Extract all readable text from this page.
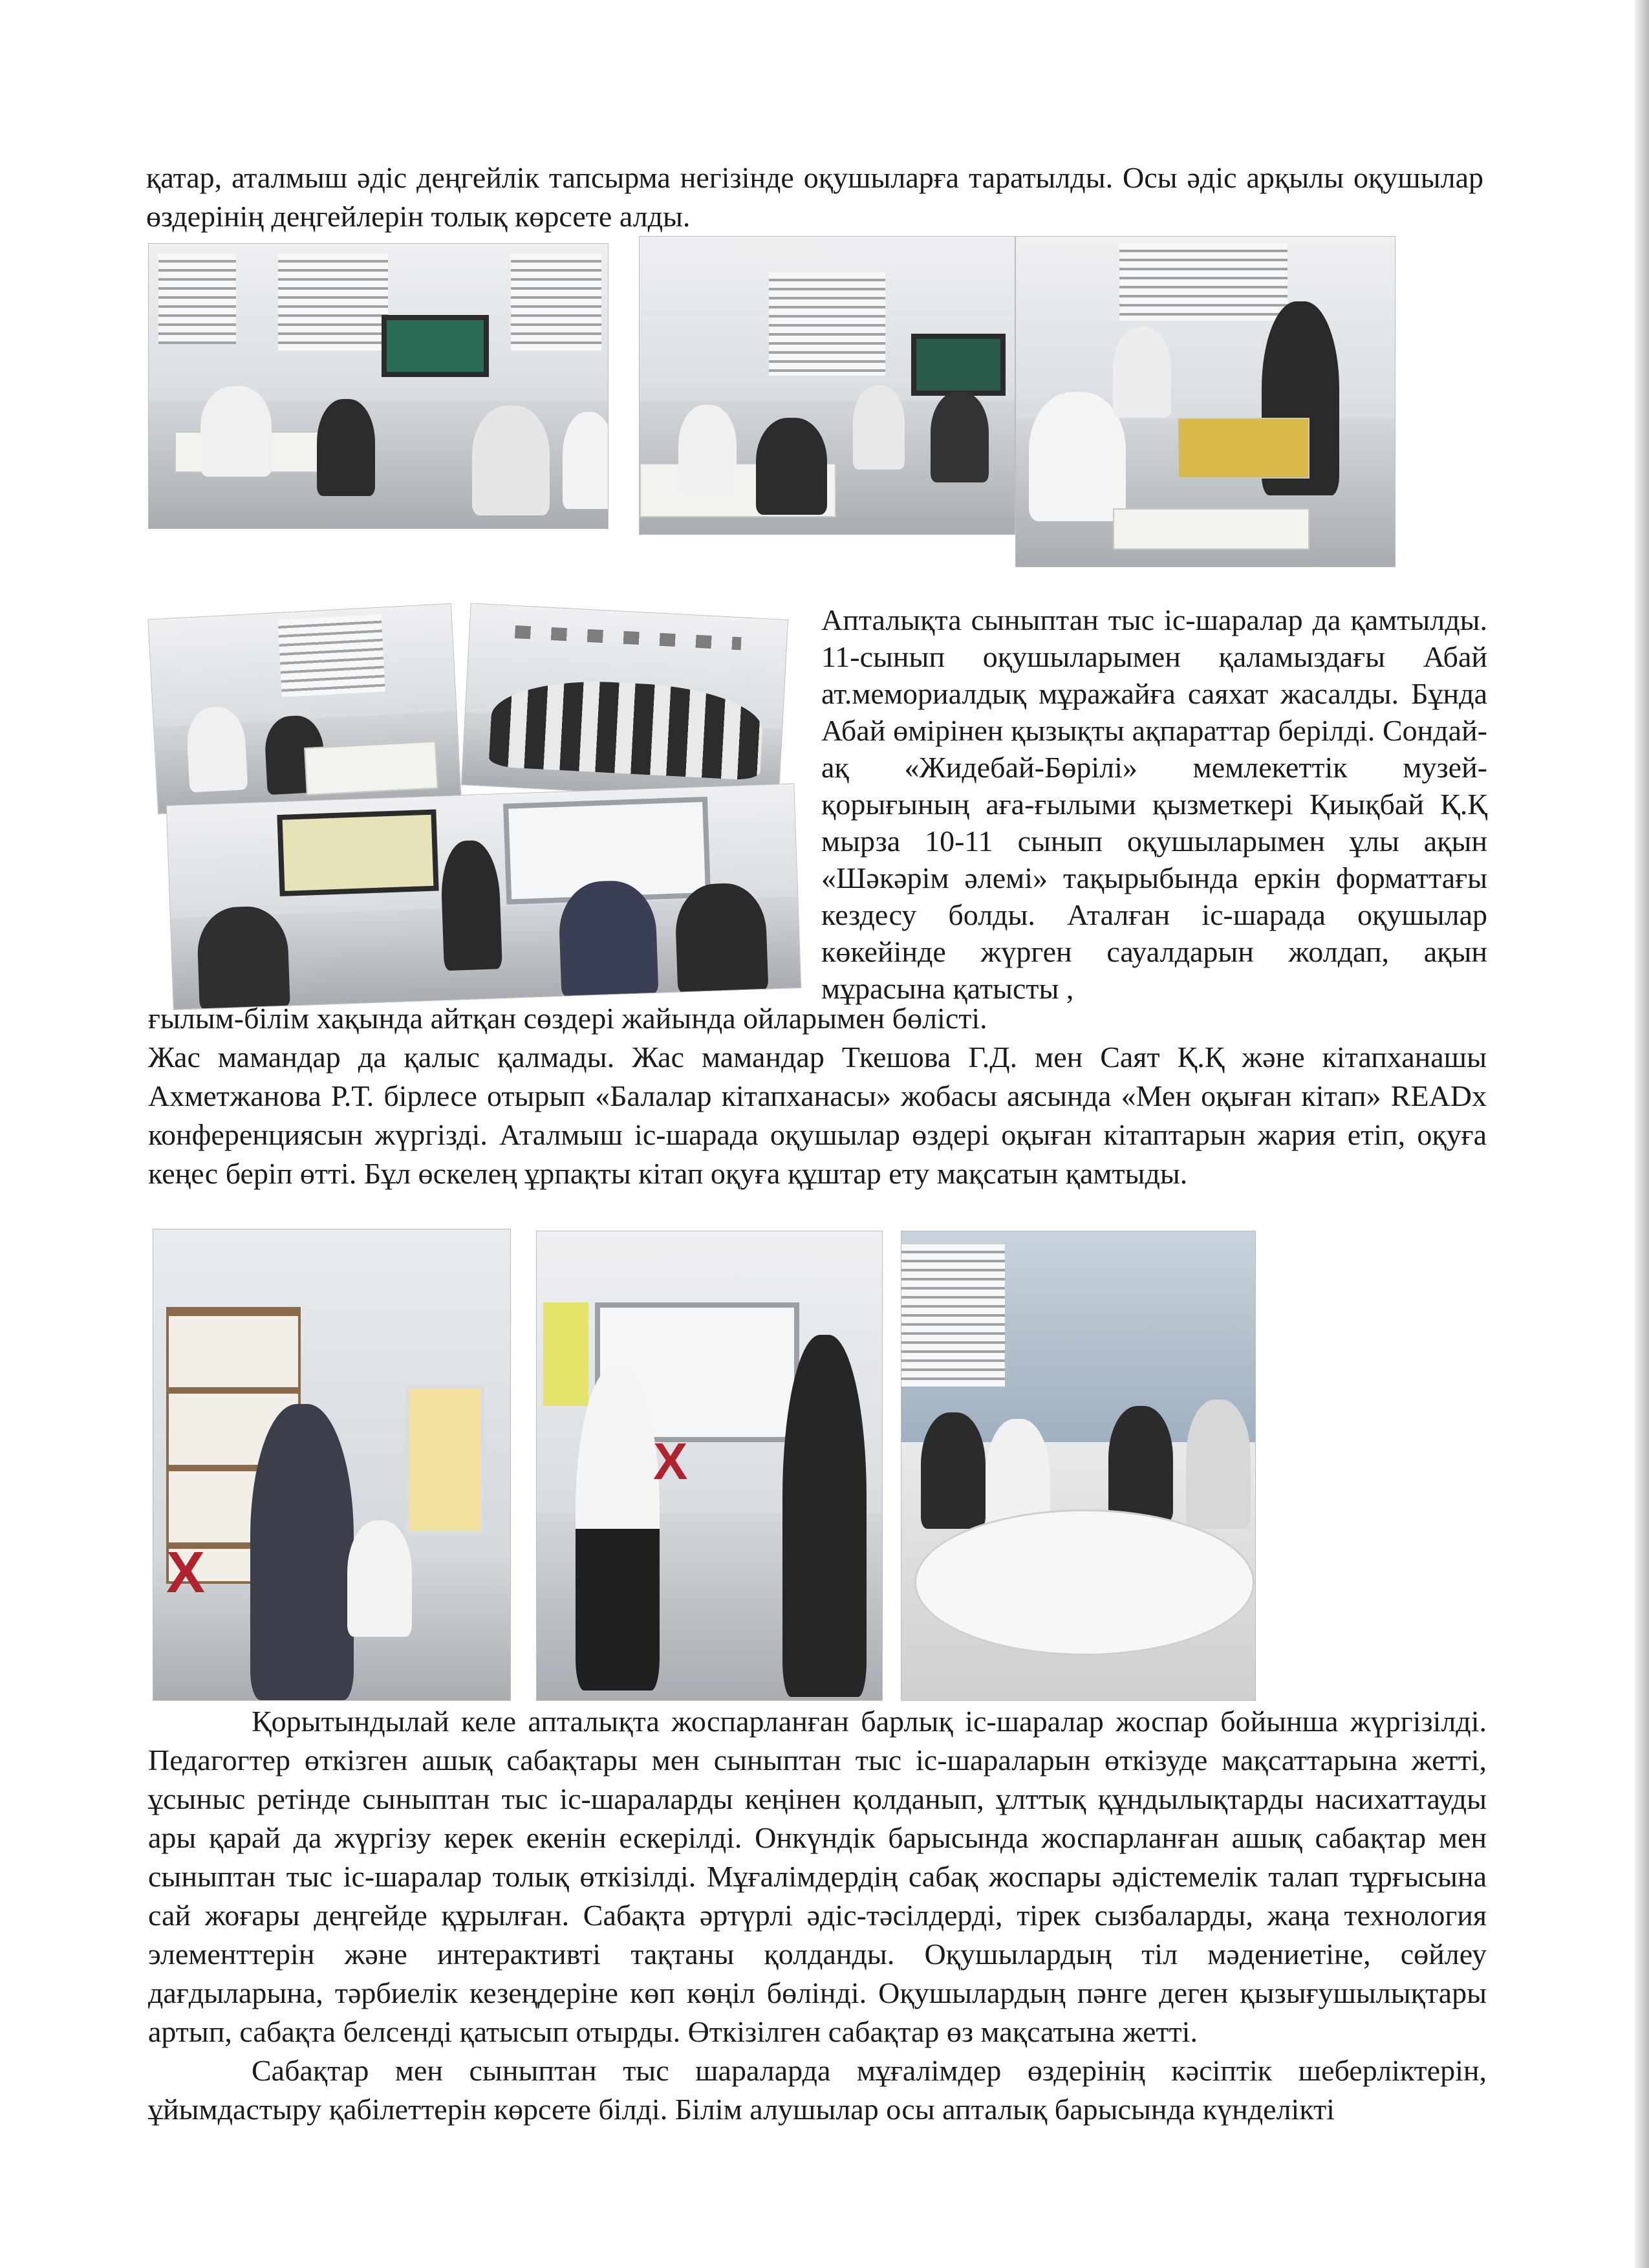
қатар, аталмыш әдіс деңгейлік тапсырма негізінде оқушыларға таратылды. Осы әдіс арқылы оқушылар өздерінің деңгейлерін толық көрсете алды.

Апталықта сыныптан тыс іс-шаралар да қамтылды. 11-сынып оқушыларымен қаламыздағы Абай ат.мемориалдық мұражайға саяхат жасалды. Бұнда Абай өмірінен қызықты ақпараттар берілді. Сондай-ақ «Жидебай-Бөрілі» мемлекеттік музей-қорығының аға-ғылыми қызметкері Қиықбай Қ.Қ мырза 10-11 сынып оқушыларымен ұлы ақын «Шәкәрім әлемі» тақырыбында еркін форматтағы кездесу болды. Аталған іс-шарада оқушылар көкейінде жүрген сауалдарын жолдап, ақын мұрасына қатысты ,

ғылым-білім хақында айтқан сөздері жайында ойларымен бөлісті.

Жас мамандар да қалыс қалмады. Жас мамандар Ткешова Г.Д. мен Саят Қ.Қ және кітапханашы Ахметжанова Р.Т. бірлесе отырып «Балалар кітапханасы» жобасы аясында «Мен оқыған кітап» READx конференциясын жүргізді. Аталмыш іс-шарада оқушылар өздері оқыған кітаптарын жария етіп, оқуға кеңес беріп өтті. Бұл өскелең ұрпақты кітап оқуға құштар ету мақсатын қамтыды.

X
X

Қорытындылай келе апталықта жоспарланған барлық іс-шаралар жоспар бойынша жүргізілді. Педагогтер өткізген ашық сабақтары мен сыныптан тыс іс-шараларын өткізуде мақсаттарына жетті, ұсыныс ретінде сыныптан тыс іс-шараларды кеңінен қолданып, ұлттық құндылықтарды насихаттауды ары қарай да жүргізу керек екенін ескерілді. Онкүндік барысында жоспарланған ашық сабақтар мен сыныптан тыс іс-шаралар толық өткізілді. Мұғалімдердің сабақ жоспары әдістемелік талап тұрғысына сай жоғары деңгейде құрылған. Сабақта әртүрлі әдіс-тәсілдерді, тірек сызбаларды, жаңа технология элементтерін және интерактивті тақтаны қолданды. Оқушылардың тіл мәдениетіне, сөйлеу дағдыларына, тәрбиелік кезеңдеріне көп көңіл бөлінді. Оқушылардың пәнге деген қызығушылықтары артып, сабақта белсенді қатысып отырды. Өткізілген сабақтар өз мақсатына жетті.

Сабақтар мен сыныптан тыс шараларда мұғалімдер өздерінің кәсіптік шеберліктерін, ұйымдастыру қабілеттерін көрсете білді. Білім алушылар осы апталық барысында күнделікті
